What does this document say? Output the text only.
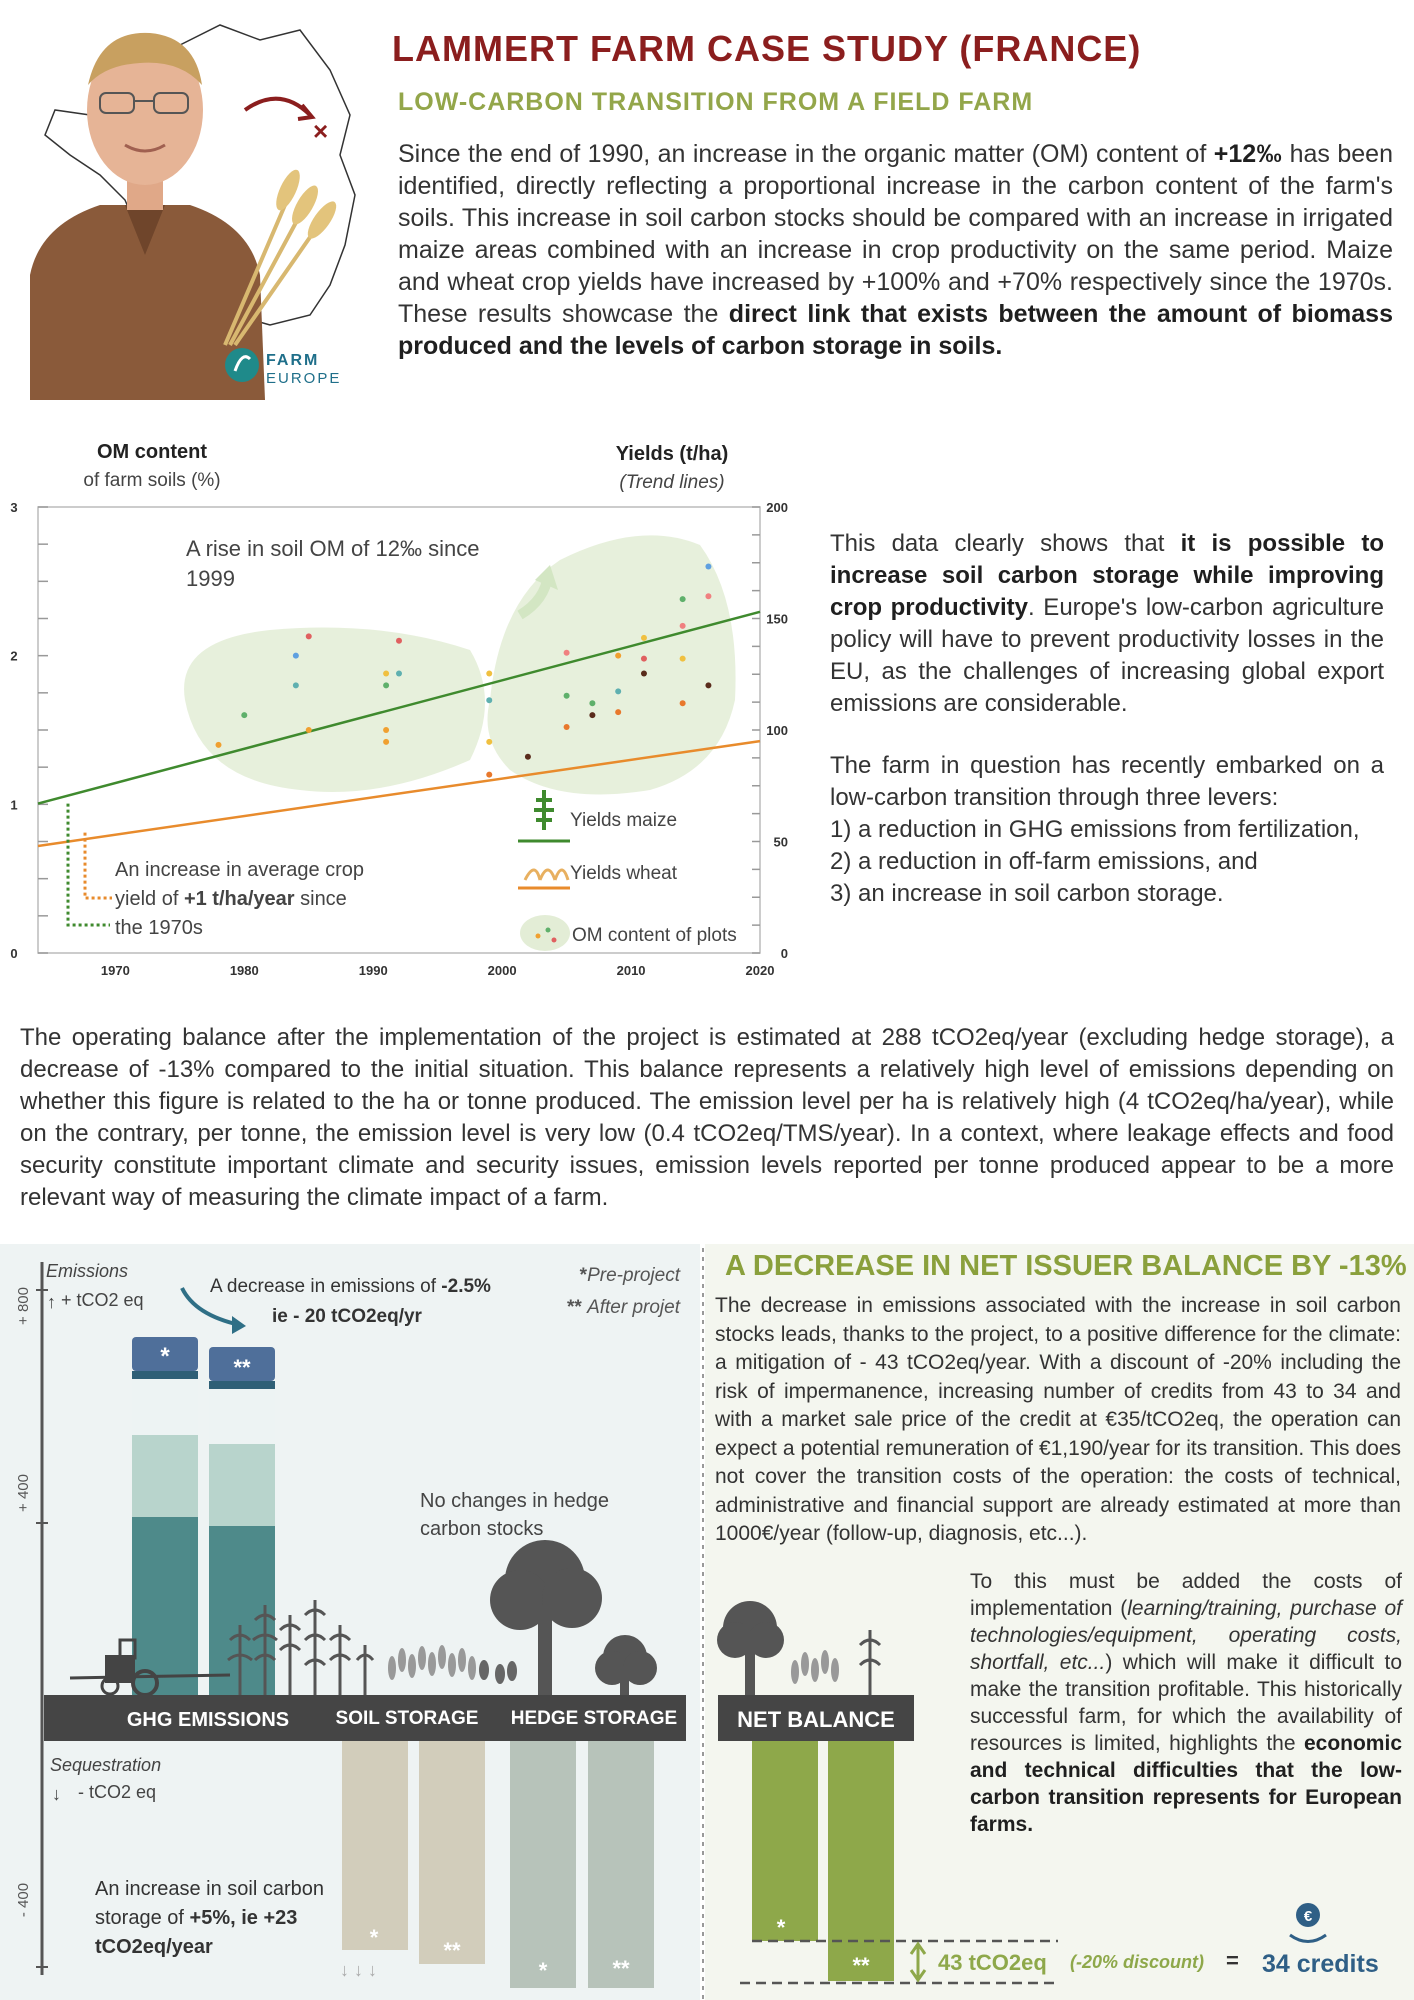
×
FARM
EUROPE
LAMMERT FARM CASE STUDY (FRANCE)
LOW-CARBON TRANSITION FROM A FIELD FARM

Since the end of 1990, an increase in the organic matter (OM) content of +12‰ has been identified, directly reflecting a proportional increase in the carbon content of the farm's soils. This increase in soil carbon stocks should be compared with an increase in irrigated maize areas combined with an increase in crop productivity on the same period. Maize and wheat crop yields have increased by +100% and +70% respectively since the 1970s. These results showcase the direct link that exists between the amount of biomass produced and the levels of carbon storage in soils.

OM content
of farm soils (%)
Yields (t/ha)
(Trend lines)
0
1
2
3
0
50
100
150
200
1970	1980	1990	2000	2010	2020
A rise in soil OM of 12‰ since 1999
An increase in average crop yield of +1 t/ha/year since the 1970s
Yields maize
Yields wheat
OM content of plots

This data clearly shows that it is possible to increase soil carbon storage while improving crop productivity. Europe's low-carbon agriculture policy will have to prevent productivity losses in the EU, as the challenges of increasing global export emissions are considerable.

The farm in question has recently embarked on a low-carbon transition through three levers:
1) a reduction in GHG emissions from fertilization,
2) a reduction in off-farm emissions, and
3) an increase in soil carbon storage.

The operating balance after the implementation of the project is estimated at 288 tCO2eq/year (excluding hedge storage), a decrease of -13% compared to the initial situation. This balance represents a relatively high level of emissions depending on whether this figure is related to the ha or tonne produced. The emission level per ha is relatively high (4 tCO2eq/ha/year), while on the contrary, per tonne, the emission level is very low (0.4 tCO2eq/TMS/year). In a context, where leakage effects and food security constitute important climate and security issues, emission levels reported per tonne produced appear to be a more relevant way of measuring the climate impact of a farm.

+ 800
+ 400
- 400
Emissions
↑ + tCO2 eq
Sequestration
↓ - tCO2 eq
A decrease in emissions of -2.5%
ie - 20 tCO2eq/yr
*Pre-project
** After projet
*	**
GHG EMISSIONS SOIL STORAGE HEDGE STORAGE
*
**
↓ ↓ ↓	*	**
No changes in hedge carbon stocks
An increase in soil carbon storage of +5%, ie +23 tCO2eq/year
NET BALANCE
*
**	43 tCO2eq (-20% discount) =
€
34 credits
A DECREASE IN NET ISSUER BALANCE BY -13%

The decrease in emissions associated with the increase in soil carbon stocks leads, thanks to the project, to a positive difference for the climate: a mitigation of - 43 tCO2eq/year. With a discount of -20% including the risk of impermanence, increasing number of credits from 43 to 34 and with a market sale price of the credit at €35/tCO2eq, the operation can expect a potential remuneration of €1,190/year for its transition. This does not cover the transition costs of the operation: the costs of technical, administrative and financial support are already estimated at more than 1000€/year (follow-up, diagnosis, etc...).

To this must be added the costs of implementation (learning/training, purchase of technologies/equipment, operating costs, shortfall, etc...) which will make it difficult to make the transition profitable. This historically successful farm, for which the availability of resources is limited, highlights the economic and technical difficulties that the low-carbon transition represents for European farms.
